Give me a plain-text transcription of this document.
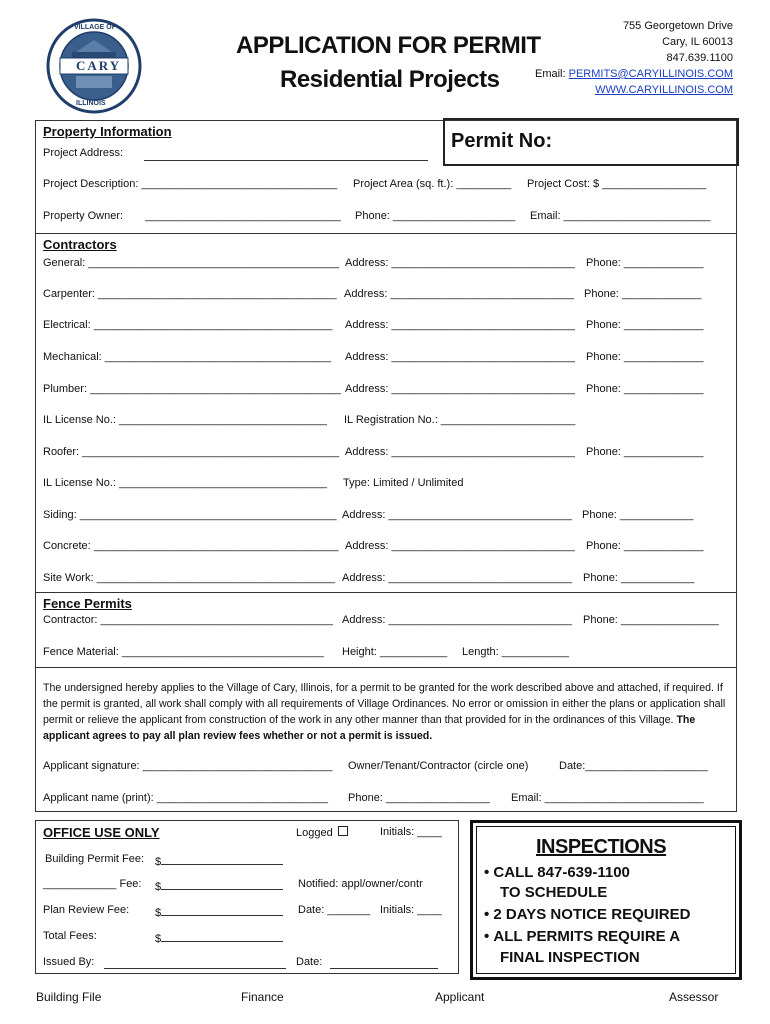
VILLAGE OF
CARY
ILLINOIS
APPLICATION FOR PERMIT
Residential Projects
755 Georgetown Drive
Cary, IL 60013
847.639.1100
Email: PERMITS@CARYILLINOIS.COM
WWW.CARYILLINOIS.COM
Permit No:
Property Information
Project Address:
Project Description: ________________________________ Project Area (sq. ft.): _________ Project Cost: $ _________________
Property Owner: ________________________________ Phone: ____________________ Email: ________________________
Contractors
General: _________________________________________ Address: ______________________________ Phone: _____________
Carpenter: _______________________________________ Address: ______________________________ Phone: _____________
Electrical: _______________________________________ Address: ______________________________ Phone: _____________
Mechanical: _____________________________________ Address: ______________________________ Phone: _____________
Plumber: _________________________________________ Address: ______________________________ Phone: _____________
IL License No.: __________________________________ IL Registration No.: ______________________
Roofer: __________________________________________ Address: ______________________________ Phone: _____________
IL License No.: __________________________________ Type: Limited / Unlimited
Siding: __________________________________________ Address: ______________________________ Phone: ____________
Concrete: ________________________________________ Address: ______________________________ Phone: _____________
Site Work: _______________________________________ Address: ______________________________ Phone: ____________
Fence Permits
Contractor: ______________________________________ Address: ______________________________ Phone: ________________
Fence Material: _________________________________ Height: ___________ Length: ___________
The undersigned hereby applies to the Village of Cary, Illinois, for a permit to be granted for the work described above and attached, if required. If the permit is granted, all work shall comply with all requirements of Village Ordinances. No error or omission in either the plans or application shall permit or relieve the applicant from construction of the work in any other manner than that provided for in the ordinances of this Village. The applicant agrees to pay all plan review fees whether or not a permit is issued.
Applicant signature: _______________________________ Owner/Tenant/Contractor (circle one)	Date:____________________
Applicant name (print): ____________________________ Phone: _________________ Email: __________________________
OFFICE USE ONLY	Logged	Initials: ____
Building Permit Fee: $
____________ Fee: $	Notified: appl/owner/contr
Plan Review Fee: $	Date: _______ Initials: ____
Total Fees:	$
Issued By:	Date:
INSPECTIONS
• CALL 847-639-1100
TO SCHEDULE
• 2 DAYS NOTICE REQUIRED
• ALL PERMITS REQUIRE A
FINAL INSPECTION
Building File	Finance	Applicant	Assessor
